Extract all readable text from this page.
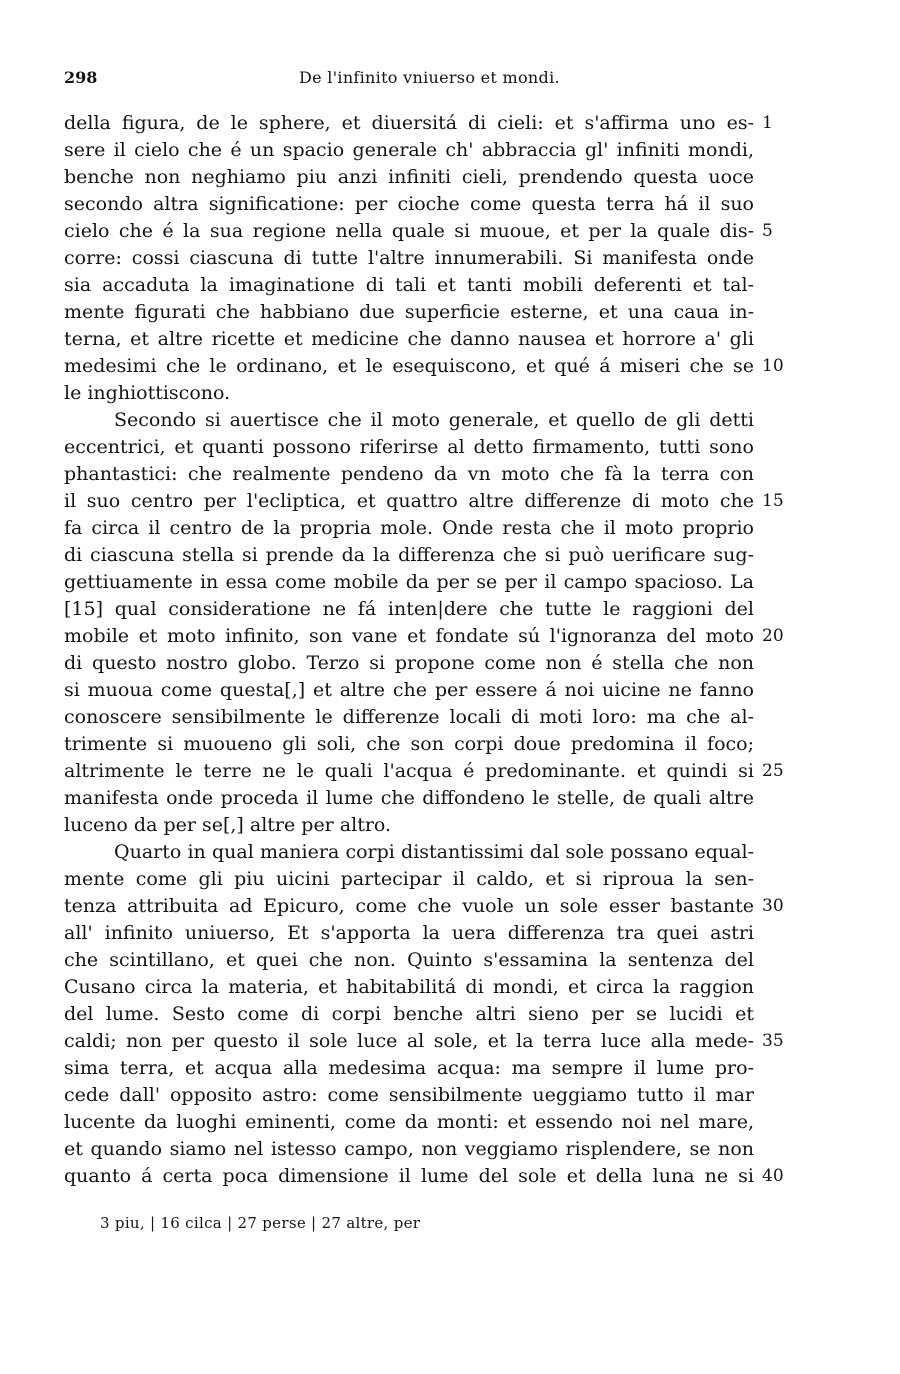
298	De l'infinito vniuerso et mondi.
della figura, de le sphere, et diuersitá di cieli: et s'affirma uno es- 1
sere il cielo che é un spacio generale ch' abbraccia gl' infiniti mondi,
benche non neghiamo piu anzi infiniti cieli, prendendo questa uoce
secondo altra significatione: per cioche come questa terra há il suo
cielo che é la sua regione nella quale si muoue, et per la quale dis- 5
corre: cossi ciascuna di tutte l'altre innumerabili. Si manifesta onde
sia accaduta la imaginatione di tali et tanti mobili deferenti et tal-
mente figurati che habbiano due superficie esterne, et una caua in-
terna, et altre ricette et medicine che danno nausea et horrore a' gli
medesimi che le ordinano, et le esequiscono, et qué á miseri che se 10
le inghiottiscono.
Secondo si auertisce che il moto generale, et quello de gli detti
eccentrici, et quanti possono riferirse al detto firmamento, tutti sono
phantastici: che realmente pendeno da vn moto che fà la terra con
il suo centro per l'ecliptica, et quattro altre differenze di moto che 15
fa circa il centro de la propria mole. Onde resta che il moto proprio
di ciascuna stella si prende da la differenza che si può uerificare sug-
gettiuamente in essa come mobile da per se per il campo spacioso. La
[15] qual consideratione ne fá inten|dere che tutte le raggioni del
mobile et moto infinito, son vane et fondate sú l'ignoranza del moto 20
di questo nostro globo. Terzo si propone come non é stella che non
si muoua come questa[,] et altre che per essere á noi uicine ne fanno
conoscere sensibilmente le differenze locali di moti loro: ma che al-
trimente si muoueno gli soli, che son corpi doue predomina il foco;
altrimente le terre ne le quali l'acqua é predominante. et quindi si 25
manifesta onde proceda il lume che diffondeno le stelle, de quali altre
luceno da per se[,] altre per altro.
Quarto in qual maniera corpi distantissimi dal sole possano equal-
mente come gli piu uicini partecipar il caldo, et si riproua la sen-
tenza attribuita ad Epicuro, come che vuole un sole esser bastante 30
all' infinito uniuerso, Et s'apporta la uera differenza tra quei astri
che scintillano, et quei che non. Quinto s'essamina la sentenza del
Cusano circa la materia, et habitabilitá di mondi, et circa la raggion
del lume. Sesto come di corpi benche altri sieno per se lucidi et
caldi; non per questo il sole luce al sole, et la terra luce alla mede- 35
sima terra, et acqua alla medesima acqua: ma sempre il lume pro-
cede dall' opposito astro: come sensibilmente ueggiamo tutto il mar
lucente da luoghi eminenti, come da monti: et essendo noi nel mare,
et quando siamo nel istesso campo, non veggiamo risplendere, se non
quanto á certa poca dimensione il lume del sole et della luna ne si 40
3 piu, | 16 cilca | 27 perse | 27 altre, per
